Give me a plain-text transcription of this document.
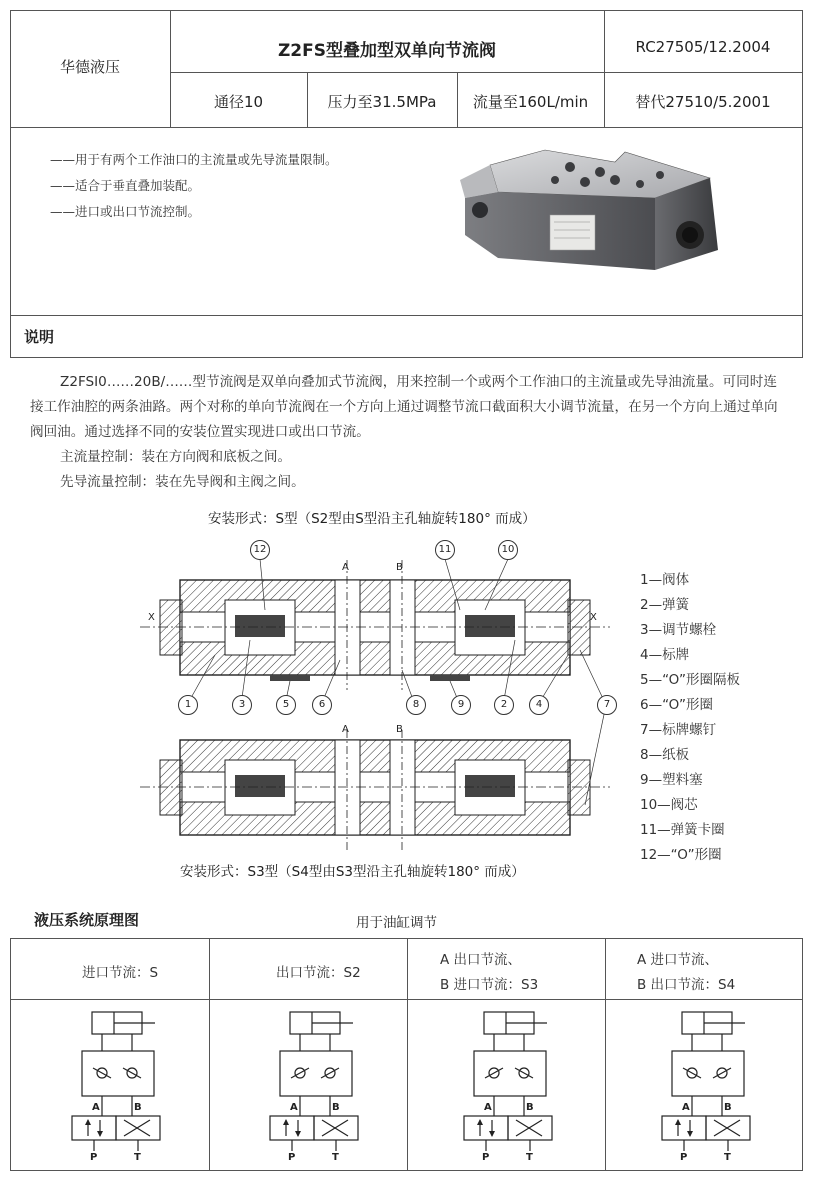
华德液压
Z2FS型叠加型双单向节流阀	RC27505/12.2004
通径10	压力至31.5MPa	流量至160L/min	替代27510/5.2001
——用于有两个工作油口的主流量或先导流量限制。
——适合于垂直叠加装配。
——进口或出口节流控制。
说明
Z2FSI0……20B/……型节流阀是双单向叠加式节流阀，用来控制一个或两个工作油口的主流量或先导油流量。可同时连接工作油腔的两条油路。两个对称的单向节流阀在一个方向上通过调整节流口截面积大小调节流量，在另一个方向上通过单向阀回油。通过选择不同的安装位置实现进口或出口节流。
主流量控制：装在方向阀和底板之间。
先导流量控制：装在先导阀和主阀之间。
安装形式：S型（S2型由S型沿主孔轴旋转180° 而成）
安装形式：S3型（S4型由S3型沿主孔轴旋转180° 而成）
A	B
A	B
X	X
12	11	10
1	3	5	6	8	9	2	4	7
1—阀体
2—弹簧
3—调节螺栓
4—标牌
5—“O”形圈隔板
6—“O”形圈
7—标牌螺钉
8—纸板
9—塑料塞
10—阀芯
11—弹簧卡圈
12—“O”形圈
液压系统原理图	用于油缸调节
进口节流：S	出口节流：S2
A 出口节流、
B 进口节流：S3
A 进口节流、
B 出口节流：S4
A	B
P	T
A	B
P	T
A	B
P	T
A	B
P	T
